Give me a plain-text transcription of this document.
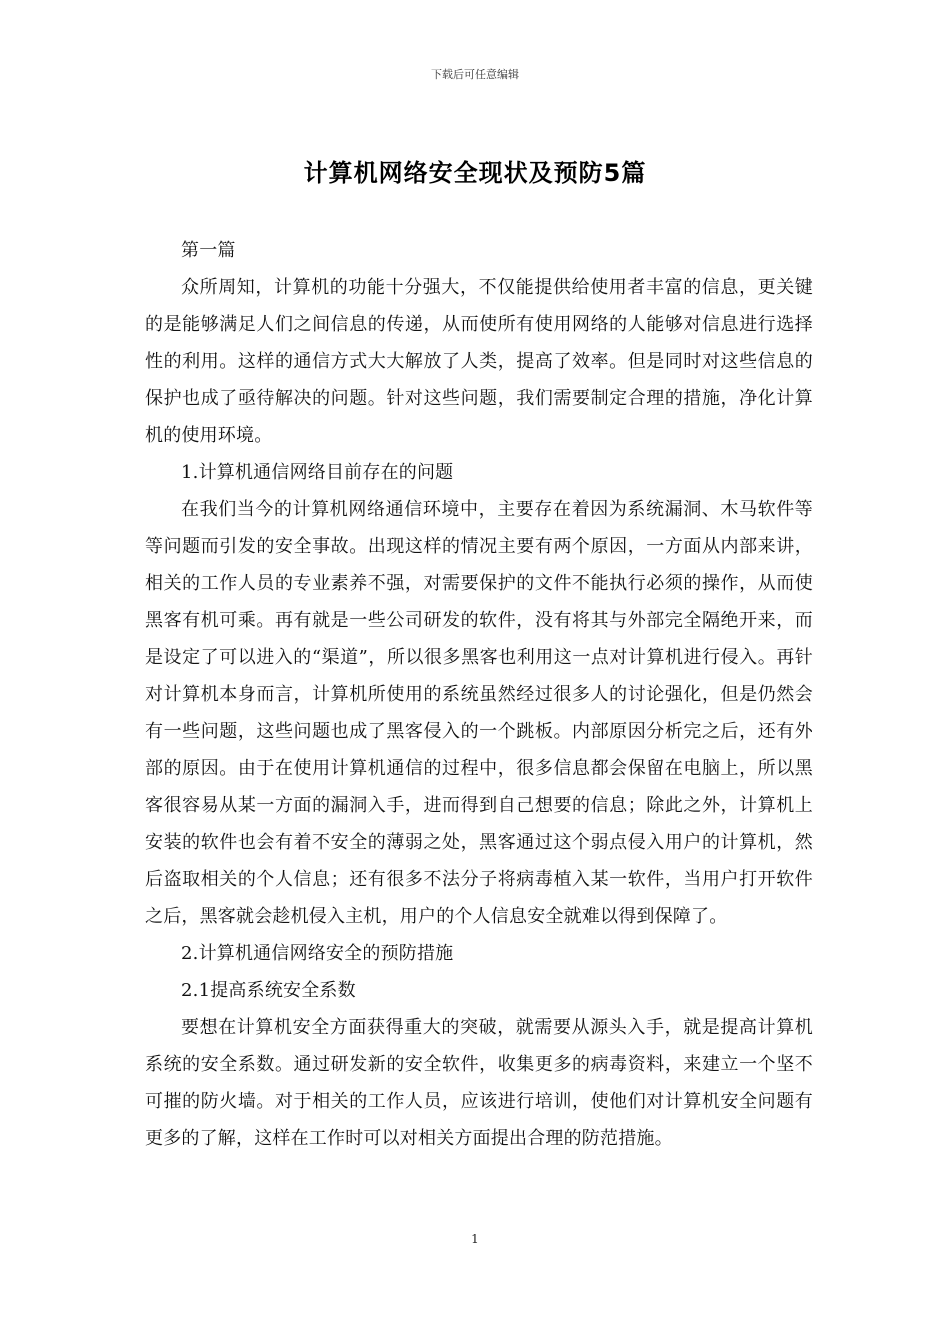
下载后可任意编辑
计算机网络安全现状及预防5篇

第一篇

众所周知，计算机的功能十分强大，不仅能提供给使用者丰富的信息，更关键的是能够满足人们之间信息的传递，从而使所有使用网络的人能够对信息进行选择性的利用。这样的通信方式大大解放了人类，提高了效率。但是同时对这些信息的保护也成了亟待解决的问题。针对这些问题，我们需要制定合理的措施，净化计算机的使用环境。

1.计算机通信网络目前存在的问题

在我们当今的计算机网络通信环境中，主要存在着因为系统漏洞、木马软件等等问题而引发的安全事故。出现这样的情况主要有两个原因，一方面从内部来讲，相关的工作人员的专业素养不强，对需要保护的文件不能执行必须的操作，从而使黑客有机可乘。再有就是一些公司研发的软件，没有将其与外部完全隔绝开来，而是设定了可以进入的“渠道”，所以很多黑客也利用这一点对计算机进行侵入。再针对计算机本身而言，计算机所使用的系统虽然经过很多人的讨论强化，但是仍然会有一些问题，这些问题也成了黑客侵入的一个跳板。内部原因分析完之后，还有外部的原因。由于在使用计算机通信的过程中，很多信息都会保留在电脑上，所以黑客很容易从某一方面的漏洞入手，进而得到自己想要的信息；除此之外，计算机上安装的软件也会有着不安全的薄弱之处，黑客通过这个弱点侵入用户的计算机，然后盗取相关的个人信息；还有很多不法分子将病毒植入某一软件，当用户打开软件之后，黑客就会趁机侵入主机，用户的个人信息安全就难以得到保障了。

2.计算机通信网络安全的预防措施

2.1提高系统安全系数

要想在计算机安全方面获得重大的突破，就需要从源头入手，就是提高计算机系统的安全系数。通过研发新的安全软件，收集更多的病毒资料，来建立一个坚不可摧的防火墙。对于相关的工作人员，应该进行培训，使他们对计算机安全问题有更多的了解，这样在工作时可以对相关方面提出合理的防范措施。

1
